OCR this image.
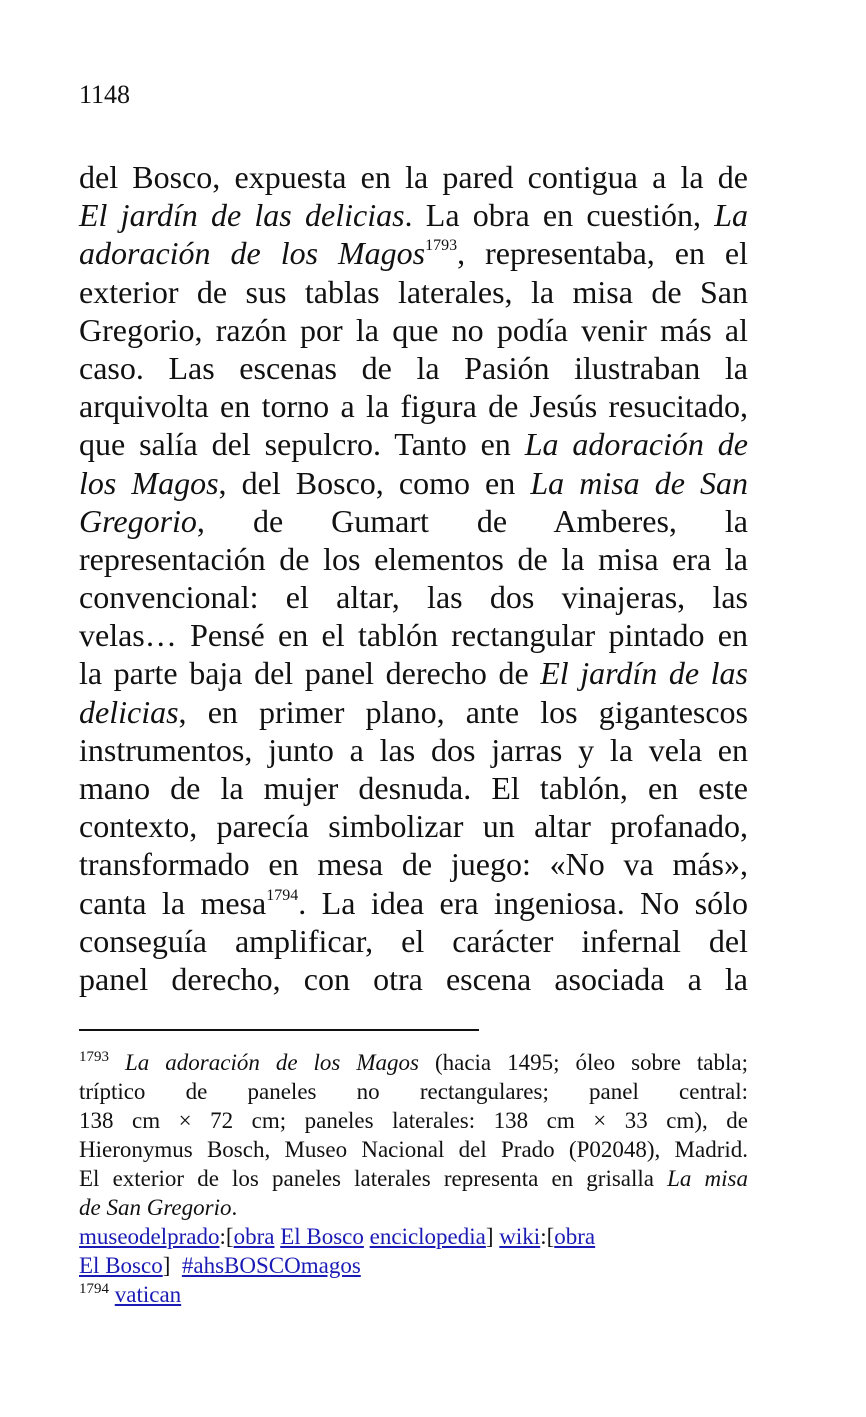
1148
del Bosco, expuesta en la pared contigua a la de
El jardín de las delicias. La obra en cuestión, La
adoración de los Magos$^{1793}$, representaba, en el
exterior de sus tablas laterales, la misa de San
Gregorio, razón por la que no podía venir más al
caso. Las escenas de la Pasión ilustraban la
arquivolta en torno a la figura de Jesús resucitado,
que salía del sepulcro. Tanto en La adoración de
los Magos, del Bosco, como en La misa de San
Gregorio, de Gumart de Amberes, la
representación de los elementos de la misa era la
convencional: el altar, las dos vinajeras, las
velas… Pensé en el tablón rectangular pintado en
la parte baja del panel derecho de El jardín de las
delicias, en primer plano, ante los gigantescos
instrumentos, junto a las dos jarras y la vela en
mano de la mujer desnuda. El tablón, en este
contexto, parecía simbolizar un altar profanado,
transformado en mesa de juego: «No va más»,
canta la mesa$^{1794}$. La idea era ingeniosa. No sólo
conseguía amplificar, el carácter infernal del
panel derecho, con otra escena asociada a la
$^{1793}$ La adoración de los Magos (hacia 1495; óleo sobre tabla;
tríptico de paneles no rectangulares; panel central:
138 cm × 72 cm; paneles laterales: 138 cm × 33 cm), de
Hieronymus Bosch, Museo Nacional del Prado (P02048), Madrid.
El exterior de los paneles laterales representa en grisalla La misa
de San Gregorio.
museodelprado:[obra El Bosco enciclopedia] wiki:[obra
El Bosco] #ahsBOSCOmagos
$^{1794}$ vatican
